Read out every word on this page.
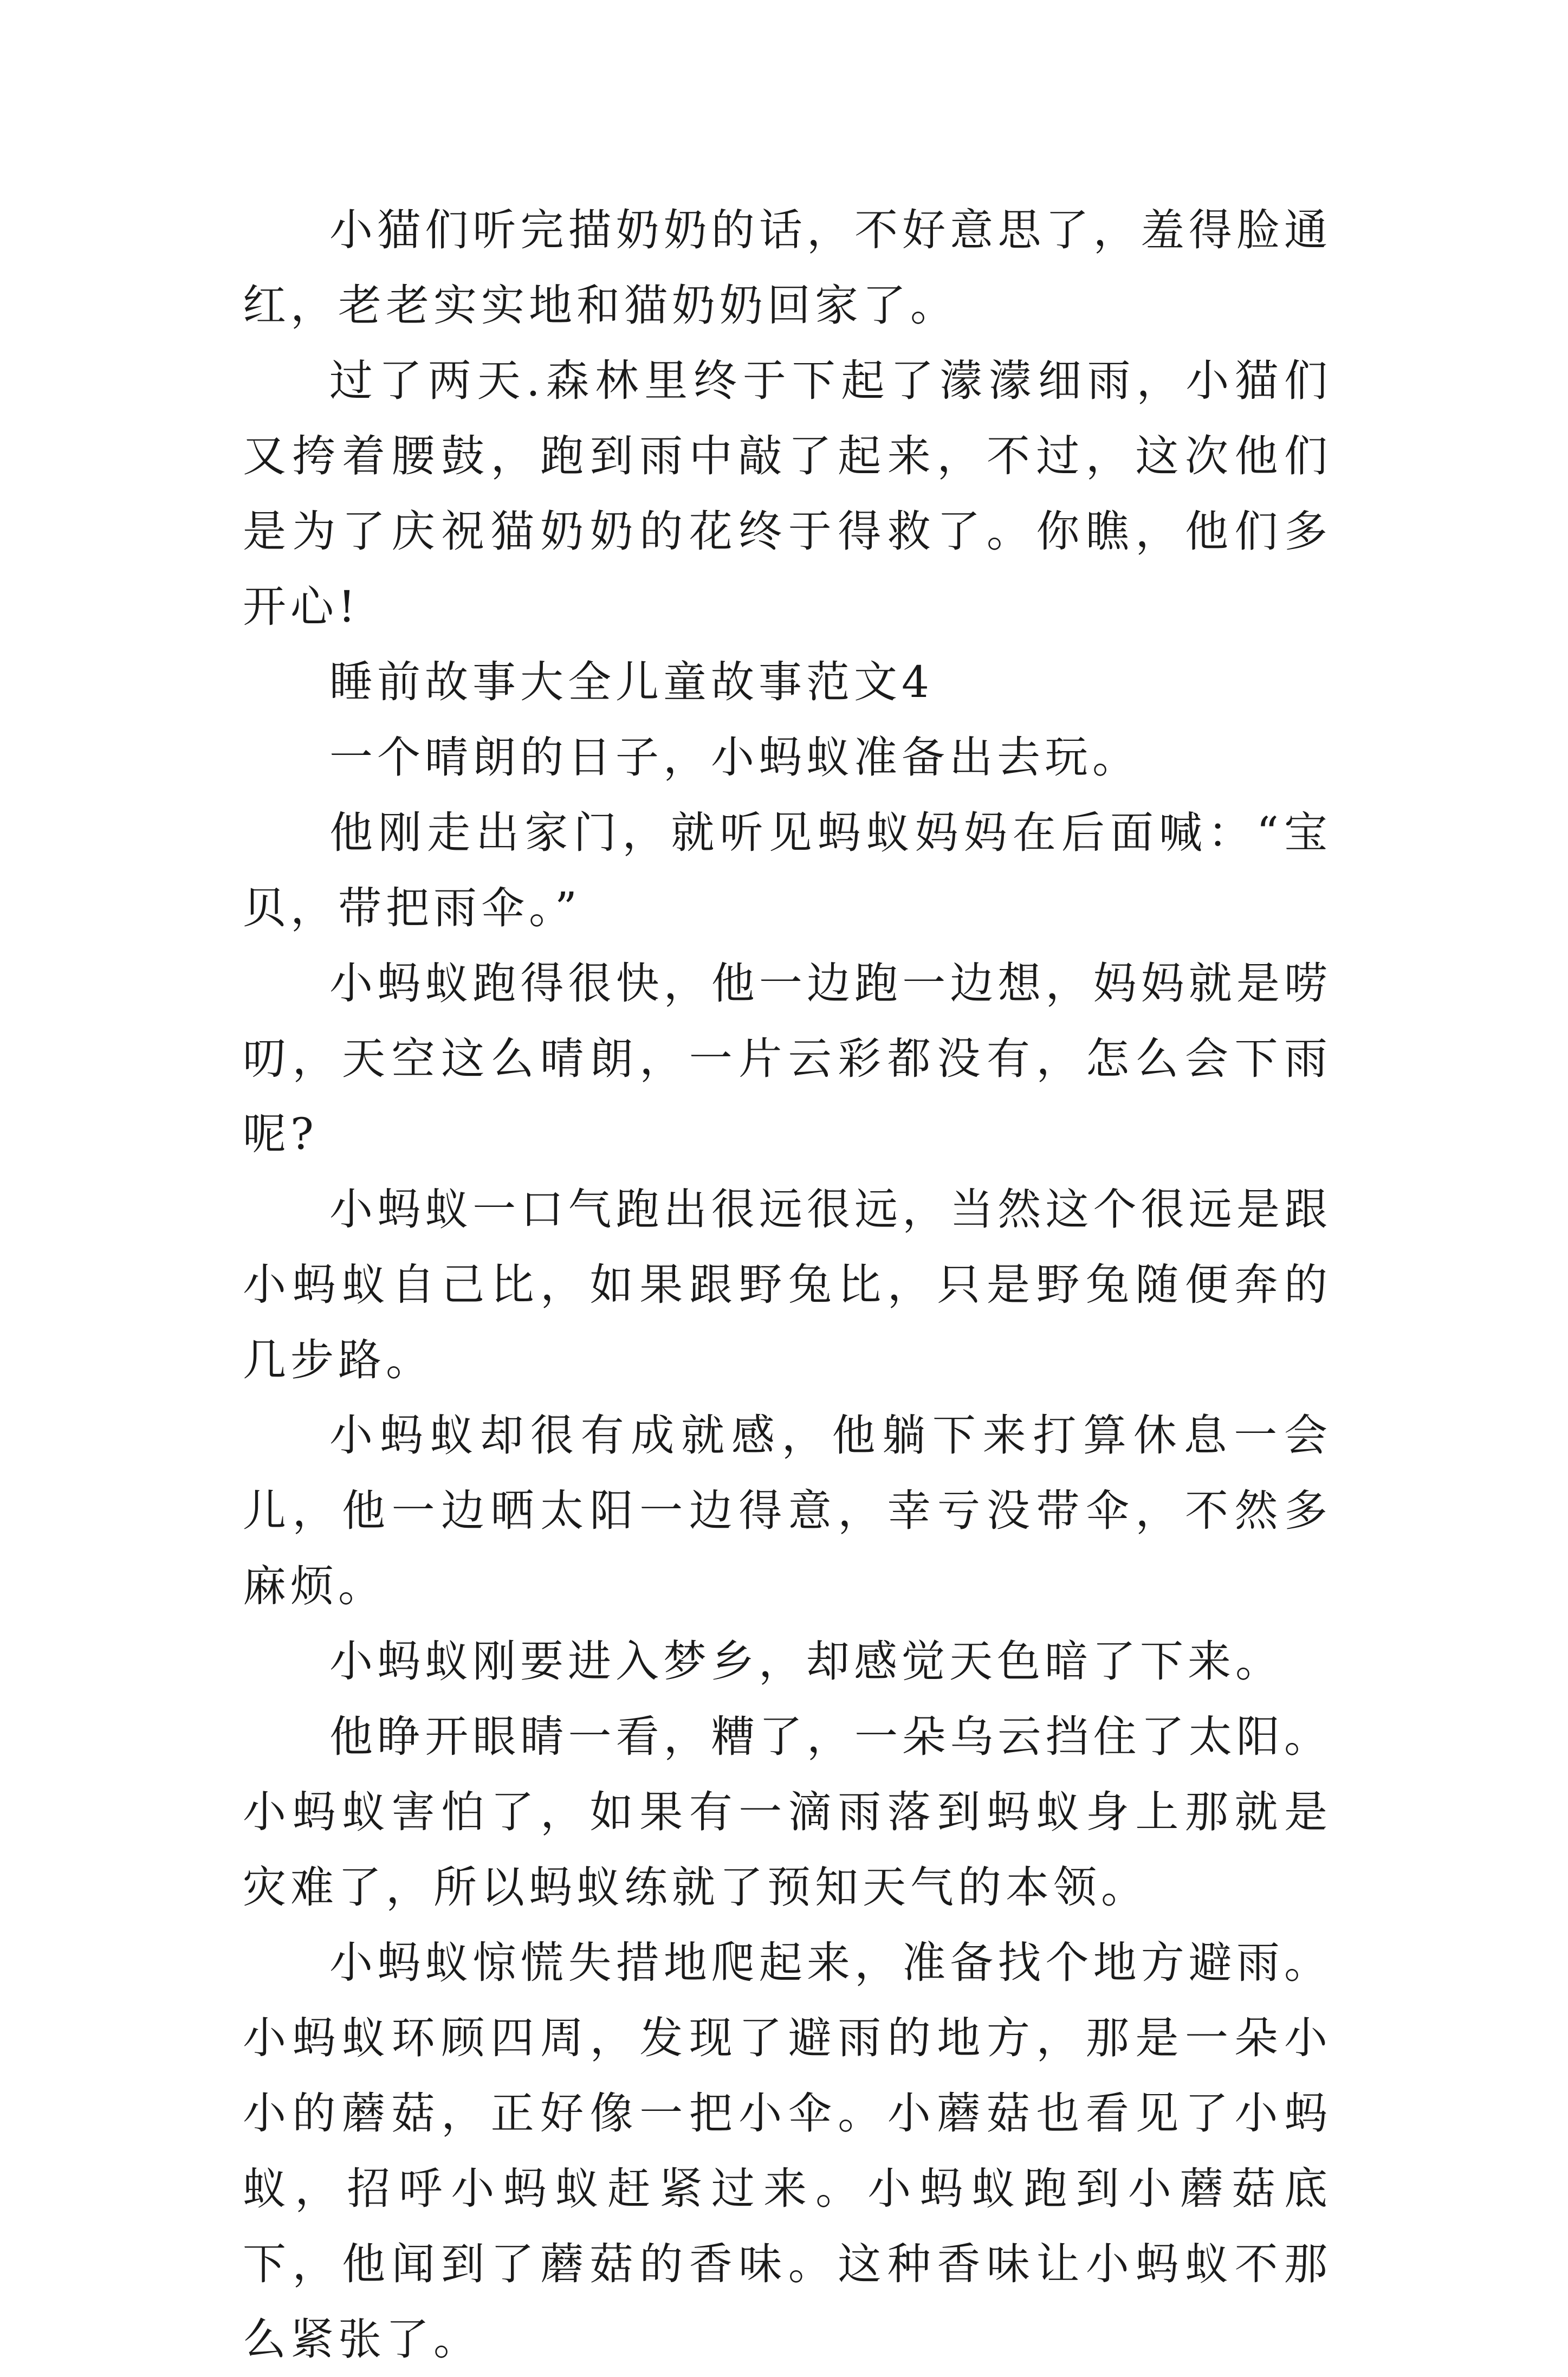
小猫们听完描奶奶的话，不好意思了，羞得脸通红，老老实实地和猫奶奶回家了。

过了两天.森林里终于下起了濛濛细雨，小猫们又挎着腰鼓，跑到雨中敲了起来，不过，这次他们是为了庆祝猫奶奶的花终于得救了。你瞧，他们多开心!

睡前故事大全儿童故事范文4

一个晴朗的日子，小蚂蚁准备出去玩。

他刚走出家门，就听见蚂蚁妈妈在后面喊：“宝贝，带把雨伞。”

小蚂蚁跑得很快，他一边跑一边想，妈妈就是唠叨，天空这么晴朗，一片云彩都没有，怎么会下雨呢?

小蚂蚁一口气跑出很远很远，当然这个很远是跟小蚂蚁自己比，如果跟野兔比，只是野兔随便奔的几步路。

小蚂蚁却很有成就感，他躺下来打算休息一会儿，他一边晒太阳一边得意，幸亏没带伞，不然多麻烦。

小蚂蚁刚要进入梦乡，却感觉天色暗了下来。

他睁开眼睛一看，糟了，一朵乌云挡住了太阳。小蚂蚁害怕了，如果有一滴雨落到蚂蚁身上那就是灾难了，所以蚂蚁练就了预知天气的本领。

小蚂蚁惊慌失措地爬起来，准备找个地方避雨。小蚂蚁环顾四周，发现了避雨的地方，那是一朵小小的蘑菇，正好像一把小伞。小蘑菇也看见了小蚂蚁，招呼小蚂蚁赶紧过来。小蚂蚁跑到小蘑菇底下，他闻到了蘑菇的香味。这种香味让小蚂蚁不那么紧张了。
